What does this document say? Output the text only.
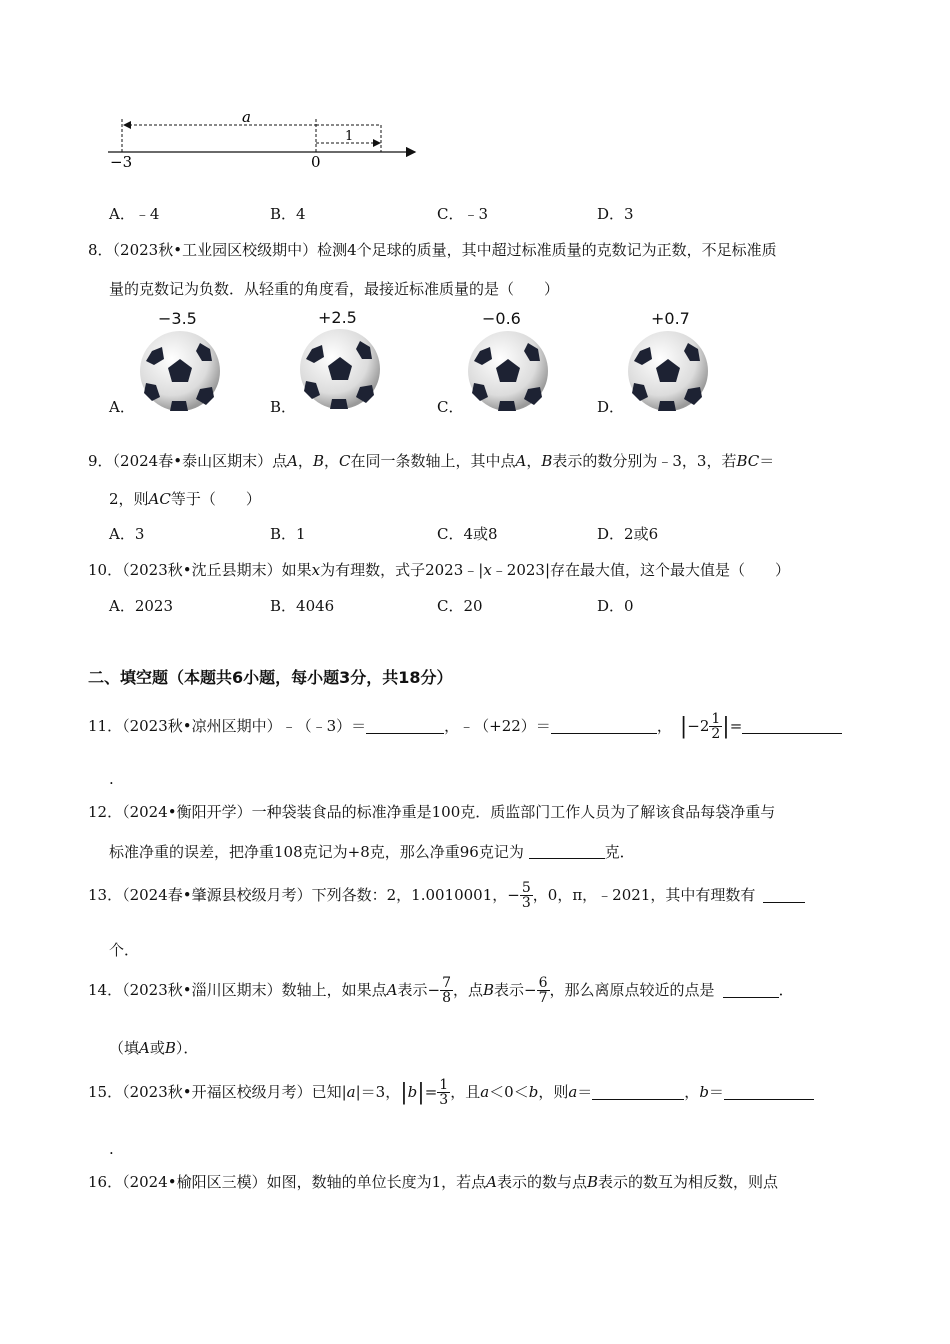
a
1
−3	0
A．﹣4	B．4	C．﹣3	D．3
8．（2023秋•工业园区校级期中）检测4个足球的质量，其中超过标准质量的克数记为正数，不足标准质
量的克数记为负数．从轻重的角度看，最接近标准质量的是（　　）
−3.5
A．
+2.5
B．
−0.6
C．
+0.7
D．
9．（2024春•泰山区期末）点A，B，C在同一条数轴上，其中点A，B表示的数分别为﹣3，3，若BC＝
2，则AC等于（　　）
A．3	B．1	C．4或8	D．2或6
10．（2023秋•沈丘县期末）如果x为有理数，式子2023﹣|x﹣2023|存在最大值，这个最大值是（　　）
A．2023	B．4046	C．20	D．0
二、填空题（本题共6小题，每小题3分，共18分）
11．（2023秋•凉州区期中）﹣（﹣3）＝	，﹣（+22）＝	， | $-2 \frac{1}{2}$ | =
.
12．（2024•衡阳开学）一种袋装食品的标准净重是100克．质监部门工作人员为了解该食品每袋净重与
标准净重的误差，把净重108克记为+8克，那么净重96克记为	克．
13．（2024春•肇源县校级月考）下列各数：2，1.0010001， − $\frac{5}{3}$ ，0，π，﹣2021，其中有理数有
个．
14．（2023秋•淄川区期末）数轴上，如果点 A 表示 − $\frac{7}{8}$ ，点 B 表示 − $\frac{6}{7}$ ，那么离原点较近的点是	．
（填A或B）．
15．（2023秋•开福区校级月考）已知| a |＝3， | b | = $\frac{1}{3}$ ，且 a ＜0＜ b ，则 a ＝	， b ＝
.
16．（2024•榆阳区三模）如图，数轴的单位长度为1，若点A表示的数与点B表示的数互为相反数，则点
